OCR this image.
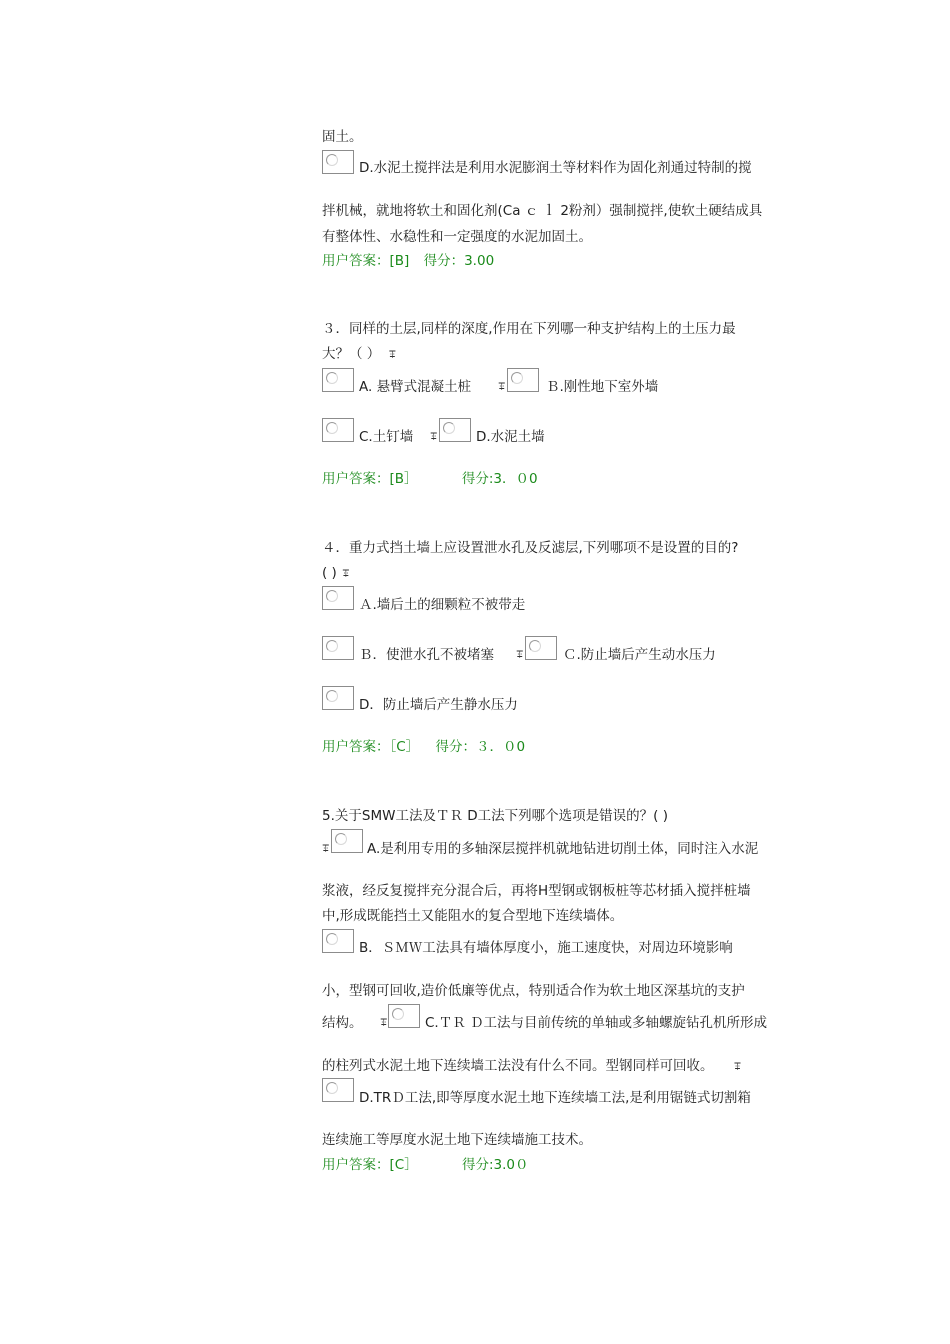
固土。
D.水泥土搅拌法是利用水泥膨润土等材料作为固化剂通过特制的搅
拌机械，就地将软土和固化剂(Ca ｃ ｌ 2粉剂）强制搅拌,使软土硬结成具
有整体性、水稳性和一定强度的水泥加固土。
用户答案：[B] 得分：3.00
３．同样的土层,同样的深度,作用在下列哪一种支护结构上的土压力最
大？（ ） ꔊ
A. 悬臂式混凝土桩	ꔊ	Ｂ.刚性地下室外墙
C.土钉墙 ꔊ	D.水泥土墙
用户答案：[B］	得分:3．０0
４．重力式挡土墙上应设置泄水孔及反滤层,下列哪项不是设置的目的?
( ) ꔊ
Ａ.墙后土的细颗粒不被带走
Ｂ．使泄水孔不被堵塞 ꔊ	Ｃ.防止墙后产生动水压力
D．防止墙后产生静水压力
用户答案：［C］ 得分：３．０0
5.关于SMW工法及ＴＲ D工法下列哪个选项是错误的？( )
ꔊ	A.是利用专用的多轴深层搅拌机就地钻进切削土体，同时注入水泥
浆液，经反复搅拌充分混合后，再将H型钢或钢板桩等芯材插入搅拌桩墙
中,形成既能挡土又能阻水的复合型地下连续墙体。
B．ＳＭＷ工法具有墙体厚度小，施工速度快，对周边环境影响
小，型钢可回收,造价低廉等优点，特别适合作为软土地区深基坑的支护
结构。 ꔊ	C.ＴＲ Ｄ工法与目前传统的单轴或多轴螺旋钻孔机所形成
的柱列式水泥土地下连续墙工法没有什么不同。型钢同样可回收。 ꔊ
D.TRＤ工法,即等厚度水泥土地下连续墙工法,是利用锯链式切割箱
连续施工等厚度水泥土地下连续墙施工技术。
用户答案：[C］	得分:3.0０
